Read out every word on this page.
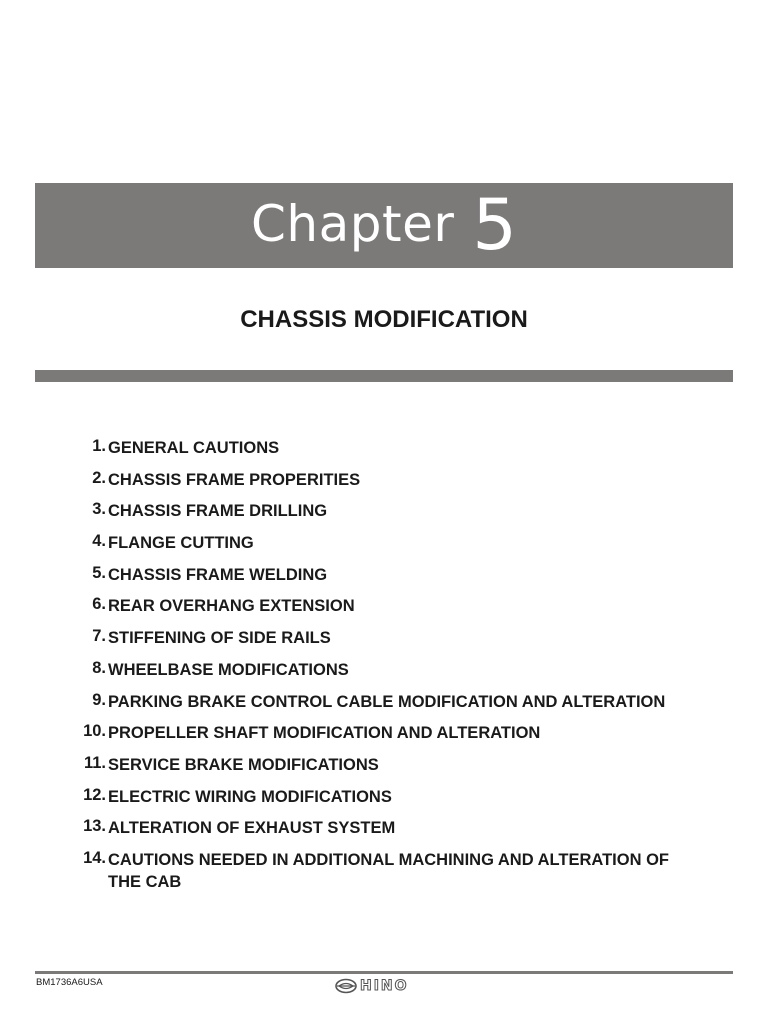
Chapter 5
CHASSIS MODIFICATION
1. GENERAL CAUTIONS
2. CHASSIS FRAME PROPERITIES
3. CHASSIS FRAME DRILLING
4. FLANGE CUTTING
5. CHASSIS FRAME WELDING
6. REAR OVERHANG EXTENSION
7. STIFFENING OF SIDE RAILS
8. WHEELBASE MODIFICATIONS
9. PARKING BRAKE CONTROL CABLE MODIFICATION AND ALTERATION
10. PROPELLER SHAFT MODIFICATION AND ALTERATION
11. SERVICE BRAKE MODIFICATIONS
12. ELECTRIC WIRING MODIFICATIONS
13. ALTERATION OF EXHAUST SYSTEM
14. CAUTIONS NEEDED IN ADDITIONAL MACHINING AND ALTERATION OF THE CAB
BM1736A6USA	HINO
